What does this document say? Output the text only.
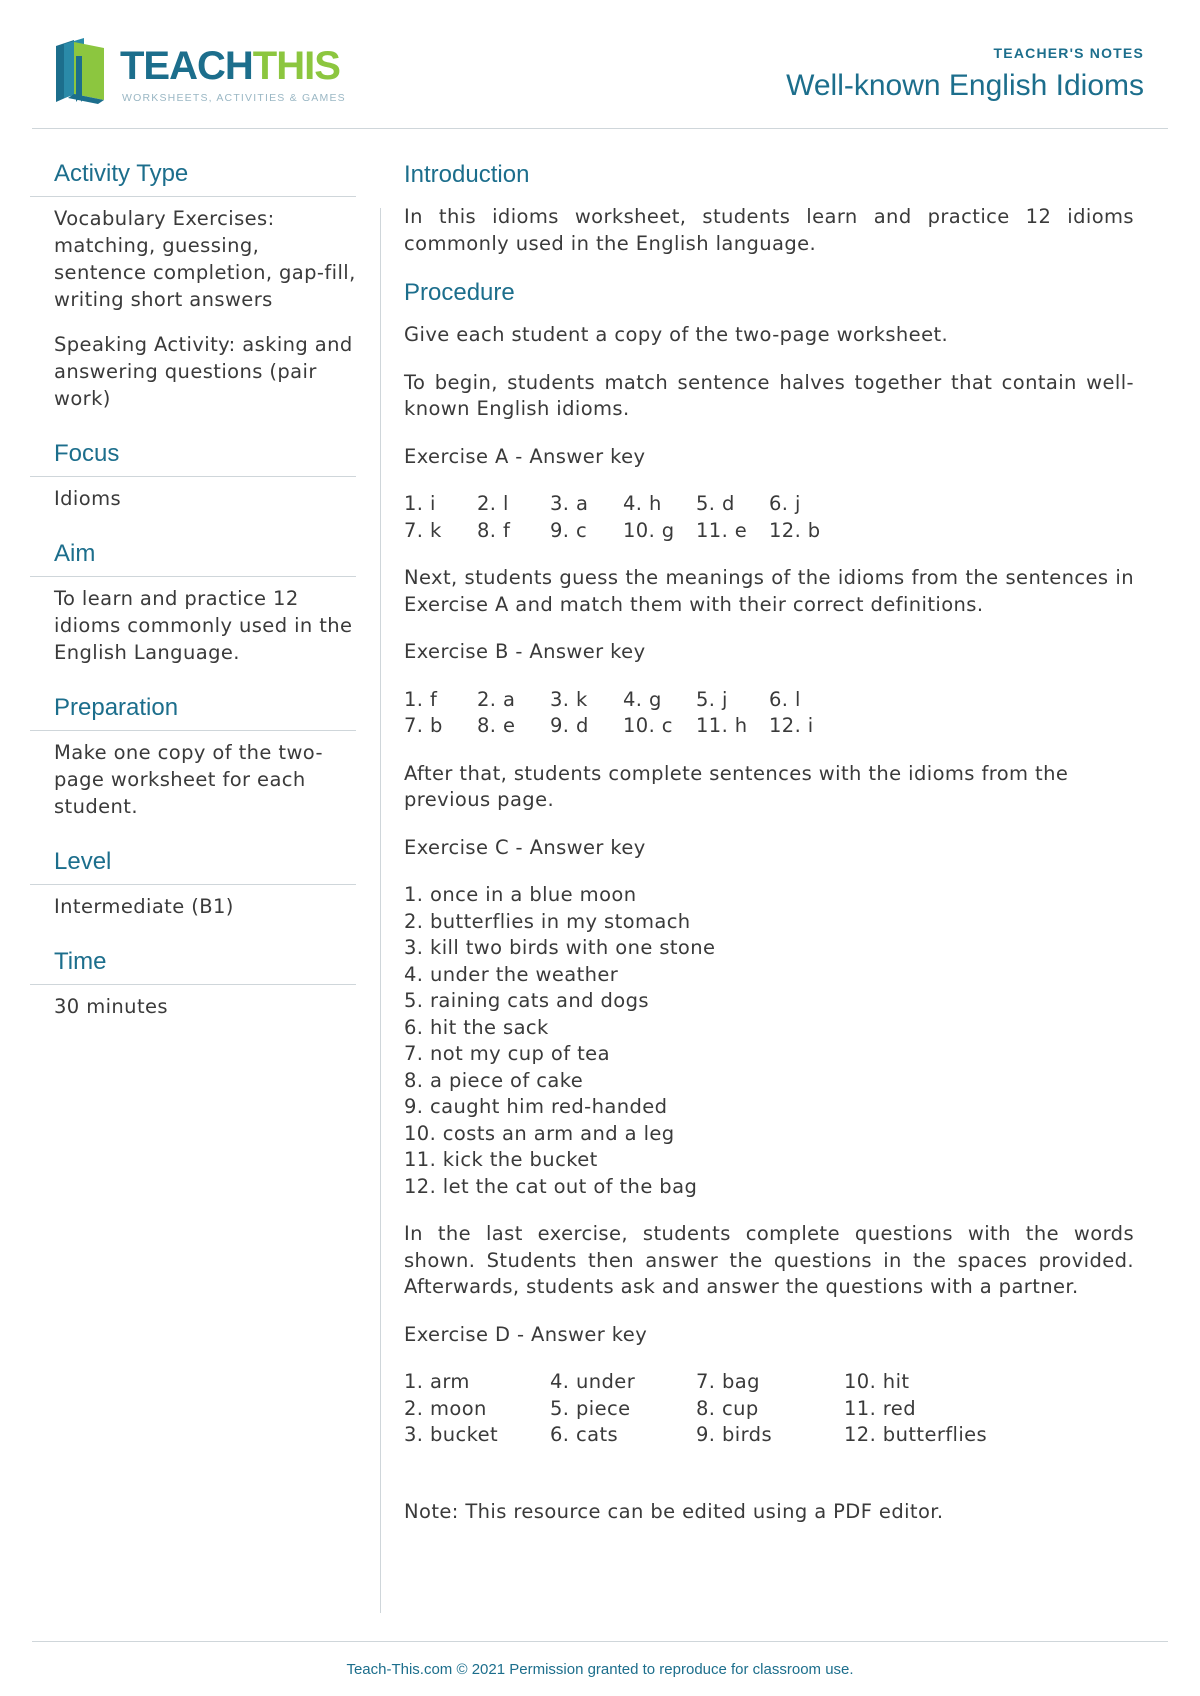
TEACHTHIS
WORKSHEETS, ACTIVITIES & GAMES
TEACHER'S NOTES
Well-known English Idioms
Activity Type

Vocabulary Exercises: matching, guessing, sentence completion, gap-fill, writing short answers

Speaking Activity: asking and answering questions (pair work)

Focus

Idioms

Aim

To learn and practice 12 idioms commonly used in the English Language.

Preparation

Make one copy of the two-page worksheet for each student.

Level

Intermediate (B1)

Time

30 minutes

Introduction

In this idioms worksheet, students learn and practice 12 idioms commonly used in the English language.

Procedure

Give each student a copy of the two-page worksheet.

To begin, students match sentence halves together that contain well-known English idioms.

Exercise A - Answer key

1. i	2. l	3. a	4. h	5. d	6. j
7. k	8. f	9. c	10. g	11. e	12. b

Next, students guess the meanings of the idioms from the sentences in Exercise A and match them with their correct definitions.

Exercise B - Answer key

1. f	2. a	3. k	4. g	5. j	6. l
7. b	8. e	9. d	10. c	11. h	12. i

After that, students complete sentences with the idioms from the previous page.

Exercise C - Answer key

1. once in a blue moon
2. butterflies in my stomach
3. kill two birds with one stone
4. under the weather
5. raining cats and dogs
6. hit the sack
7. not my cup of tea
8. a piece of cake
9. caught him red-handed
10. costs an arm and a leg
11. kick the bucket
12. let the cat out of the bag

In the last exercise, students complete questions with the words shown. Students then answer the questions in the spaces provided. Afterwards, students ask and answer the questions with a partner.

Exercise D - Answer key

1. arm	4. under	7. bag	10. hit
2. moon	5. piece	8. cup	11. red
3. bucket	6. cats	9. birds	12. butterflies

Note: This resource can be edited using a PDF editor.

Teach-This.com © 2021 Permission granted to reproduce for classroom use.
